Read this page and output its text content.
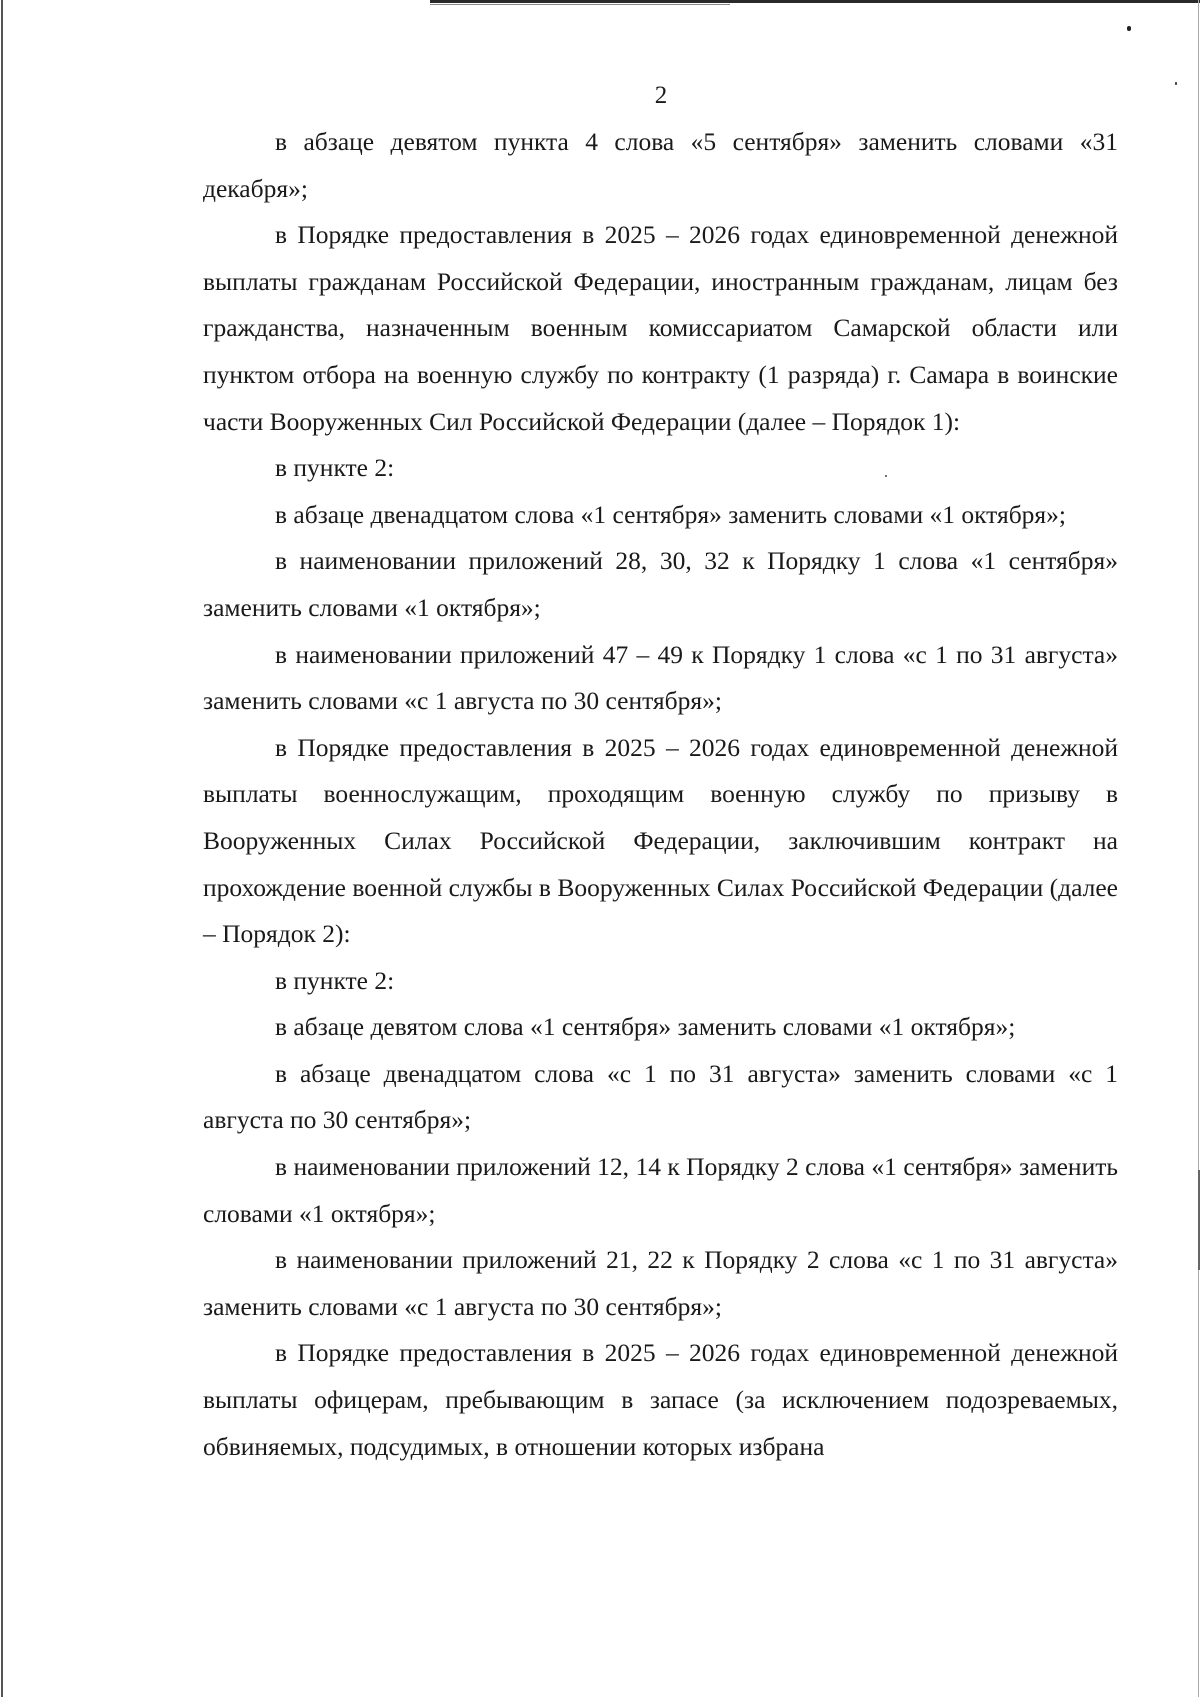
2

в абзаце девятом пункта 4 слова «5 сентября» заменить словами «31 декабря»;

в Порядке предоставления в 2025 – 2026 годах единовременной денежной выплаты гражданам Российской Федерации, иностранным гражданам, лицам без гражданства, назначенным военным комиссариатом Самарской области или пунктом отбора на военную службу по контракту (1 разряда) г. Самара в воинские части Вооруженных Сил Российской Федерации (далее – Порядок 1):

в пункте 2:

в абзаце двенадцатом слова «1 сентября» заменить словами «1 октября»;

в наименовании приложений 28, 30, 32 к Порядку 1 слова «1 сентября» заменить словами «1 октября»;

в наименовании приложений 47 – 49 к Порядку 1 слова «с 1 по 31 августа» заменить словами «с 1 августа по 30 сентября»;

в Порядке предоставления в 2025 – 2026 годах единовременной денежной выплаты военнослужащим, проходящим военную службу по призыву в Вооруженных Силах Российской Федерации, заключившим контракт на прохождение военной службы в Вооруженных Силах Российской Федерации (далее – Порядок 2):

в пункте 2:

в абзаце девятом слова «1 сентября» заменить словами «1 октября»;

в абзаце двенадцатом слова «с 1 по 31 августа» заменить словами «с 1 августа по 30 сентября»;

в наименовании приложений 12, 14 к Порядку 2 слова «1 сентября» заменить словами «1 октября»;

в наименовании приложений 21, 22 к Порядку 2 слова «с 1 по 31 августа» заменить словами «с 1 августа по 30 сентября»;

в Порядке предоставления в 2025 – 2026 годах единовременной денежной выплаты офицерам, пребывающим в запасе (за исключением подозреваемых, обвиняемых, подсудимых, в отношении которых избрана
